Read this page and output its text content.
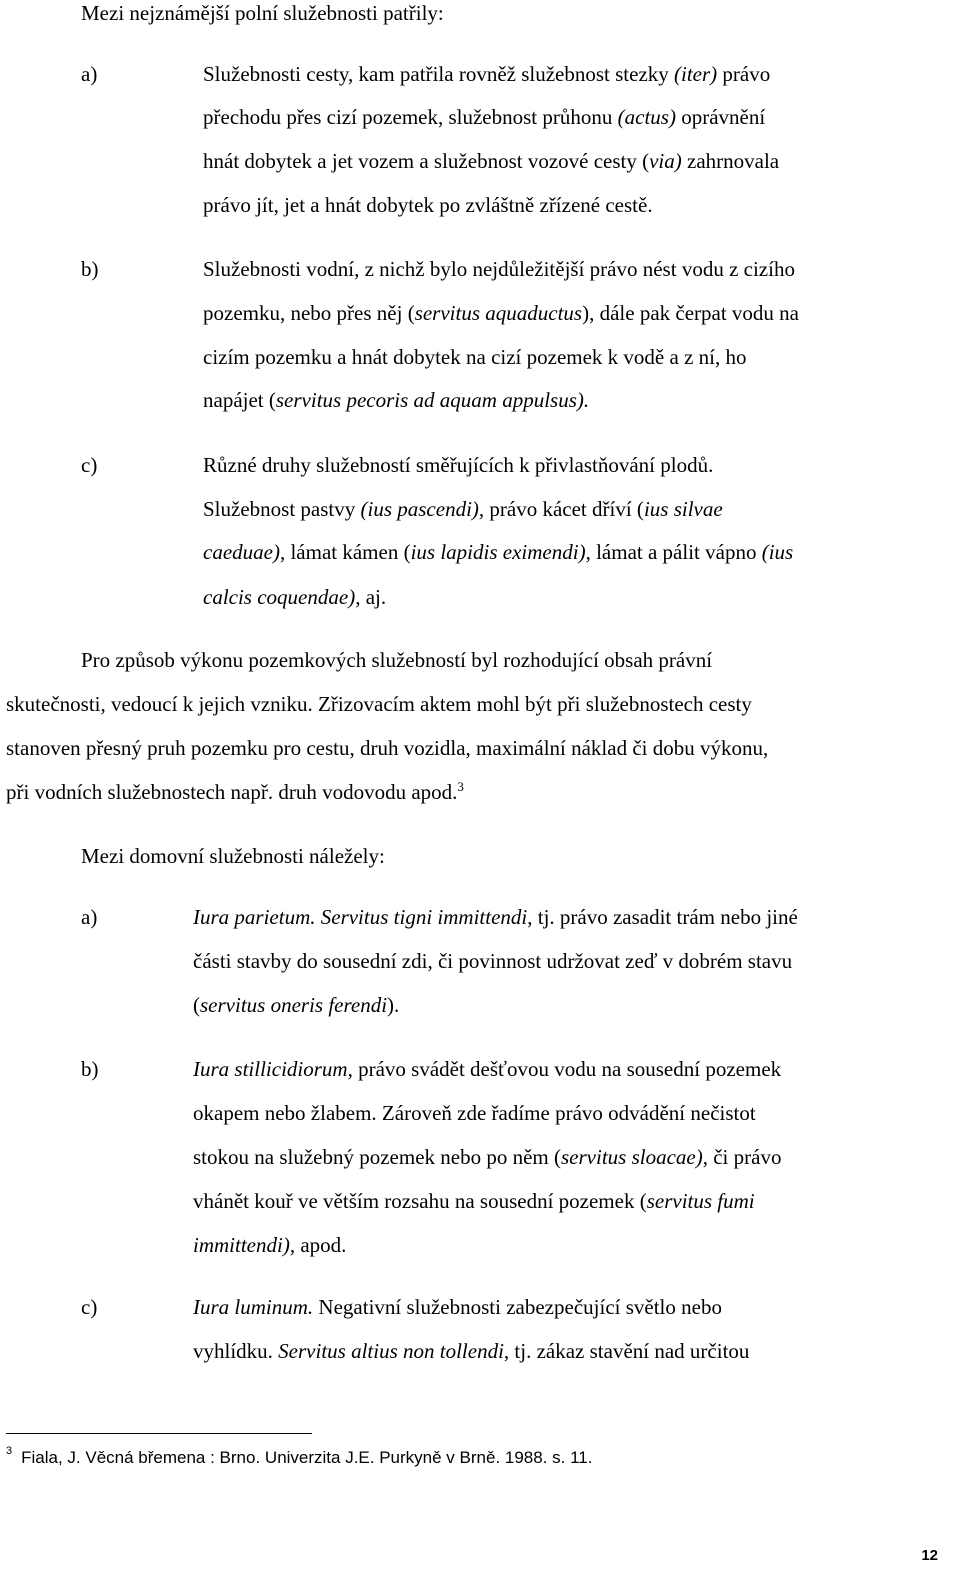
Mezi nejznámější polní služebnosti patřily:
a)	Služebnosti cesty, kam patřila rovněž služebnost stezky (iter) právo
přechodu přes cizí pozemek, služebnost průhonu (actus) oprávnění
hnát dobytek a jet vozem a služebnost vozové cesty (via) zahrnovala
právo jít, jet a hnát dobytek po zvláštně zřízené cestě.
b)	Služebnosti vodní, z nichž bylo nejdůležitější právo nést vodu z cizího
pozemku, nebo přes něj (servitus aquaductus), dále pak čerpat vodu na
cizím pozemku a hnát dobytek na cizí pozemek k vodě a z ní, ho
napájet (servitus pecoris ad aquam appulsus).
c)	Různé druhy služebností směřujících k přivlastňování plodů.
Služebnost pastvy (ius pascendi), právo kácet dříví (ius silvae
caeduae), lámat kámen (ius lapidis eximendi), lámat a pálit vápno (ius
calcis coquendae), aj.
Pro způsob výkonu pozemkových služebností byl rozhodující obsah právní
skutečnosti, vedoucí k jejich vzniku. Zřizovacím aktem mohl být při služebnostech cesty
stanoven přesný pruh pozemku pro cestu, druh vozidla, maximální náklad či dobu výkonu,
při vodních služebnostech např. druh vodovodu apod.$^3$
Mezi domovní služebnosti náležely:
a)	Iura parietum. Servitus tigni immittendi, tj. právo zasadit trám nebo jiné
části stavby do sousední zdi, či povinnost udržovat zeď v dobrém stavu
(servitus oneris ferendi).
b)	Iura stillicidiorum, právo svádět dešťovou vodu na sousední pozemek
okapem nebo žlabem. Zároveň zde řadíme právo odvádění nečistot
stokou na služebný pozemek nebo po něm (servitus sloacae), či právo
vhánět kouř ve větším rozsahu na sousední pozemek (servitus fumi
immittendi), apod.
c)	Iura luminum. Negativní služebnosti zabezpečující světlo nebo
vyhlídku. Servitus altius non tollendi, tj. zákaz stavění nad určitou
$^3$ Fiala, J. Věcná břemena : Brno. Univerzita J.E. Purkyně v Brně. 1988. s. 11.
12
